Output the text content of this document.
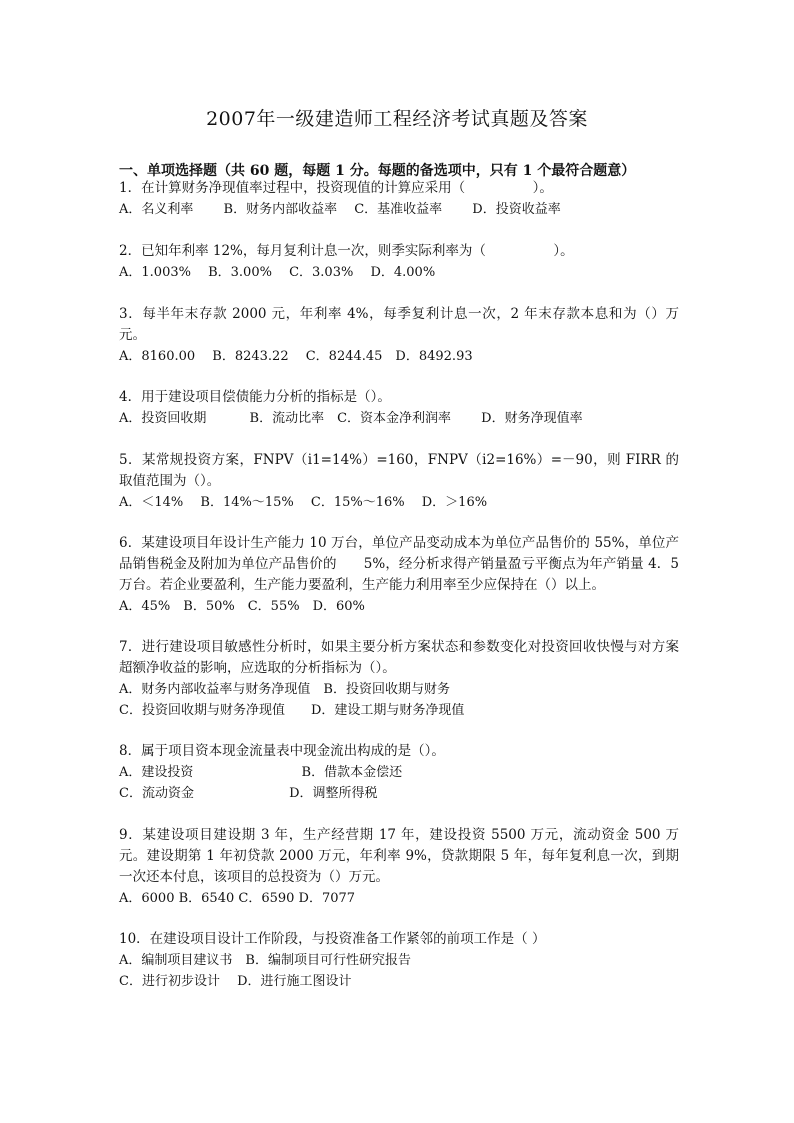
2007年一级建造师工程经济考试真题及答案
一、单项选择题（共 60 题，每题 1 分。每题的备选项中，只有 1 个最符合题意）
1．在计算财务净现值率过程中，投资现值的计算应采用（　　　　　）。
A．名义利率　　 B．财务内部收益率　 C．基准收益率　　 D．投资收益率
2．已知年利率 12%，每月复利计息一次，则季实际利率为（　　　　　）。
A．1.003%　 B．3.00%　 C．3.03%　 D．4.00%
3．每半年末存款 2000 元，年利率 4%，每季复利计息一次，2 年末存款本息和为（）万元。
A．8160.00　 B．8243.22　 C．8244.45　D．8492.93
4．用于建设项目偿债能力分析的指标是（）。
A．投资回收期　　　 B．流动比率　C．资本金净利润率　　 D．财务净现值率
5．某常规投资方案，FNPV（i1=14%）=160，FNPV（i2=16%）=－90，则 FIRR 的取值范围为（）。
A．＜14%　 B．14%～15%　 C．15%～16%　 D．＞16%
6．某建设项目年设计生产能力 10 万台，单位产品变动成本为单位产品售价的 55%，单位产品销售税金及附加为单位产品售价的　　5%，经分析求得产销量盈亏平衡点为年产销量 4．5 万台。若企业要盈利，生产能力要盈利，生产能力利用率至少应保持在（）以上。
A．45%　B．50%　C．55%　D．60%
7．进行建设项目敏感性分析时，如果主要分析方案状态和参数变化对投资回收快慢与对方案超额净收益的影响，应选取的分析指标为（）。
A．财务内部收益率与财务净现值　B．投资回收期与财务
C．投资回收期与财务净现值　　D．建设工期与财务净现值
8．属于项目资本现金流量表中现金流出构成的是（）。
A．建设投资　　　　　　　　 B．借款本金偿还
C．流动资金　　　　　　　 D．调整所得税
9．某建设项目建设期 3 年，生产经营期 17 年，建设投资 5500 万元，流动资金 500 万元。建设期第 1 年初贷款 2000 万元，年利率 9%，贷款期限 5 年，每年复利息一次，到期一次还本付息，该项目的总投资为（）万元。
A．6000 B．6540 C．6590 D．7077
10．在建设项目设计工作阶段，与投资准备工作紧邻的前项工作是（ ）
A．编制项目建议书　B．编制项目可行性研究报告
C．进行初步设计　 D．进行施工图设计
